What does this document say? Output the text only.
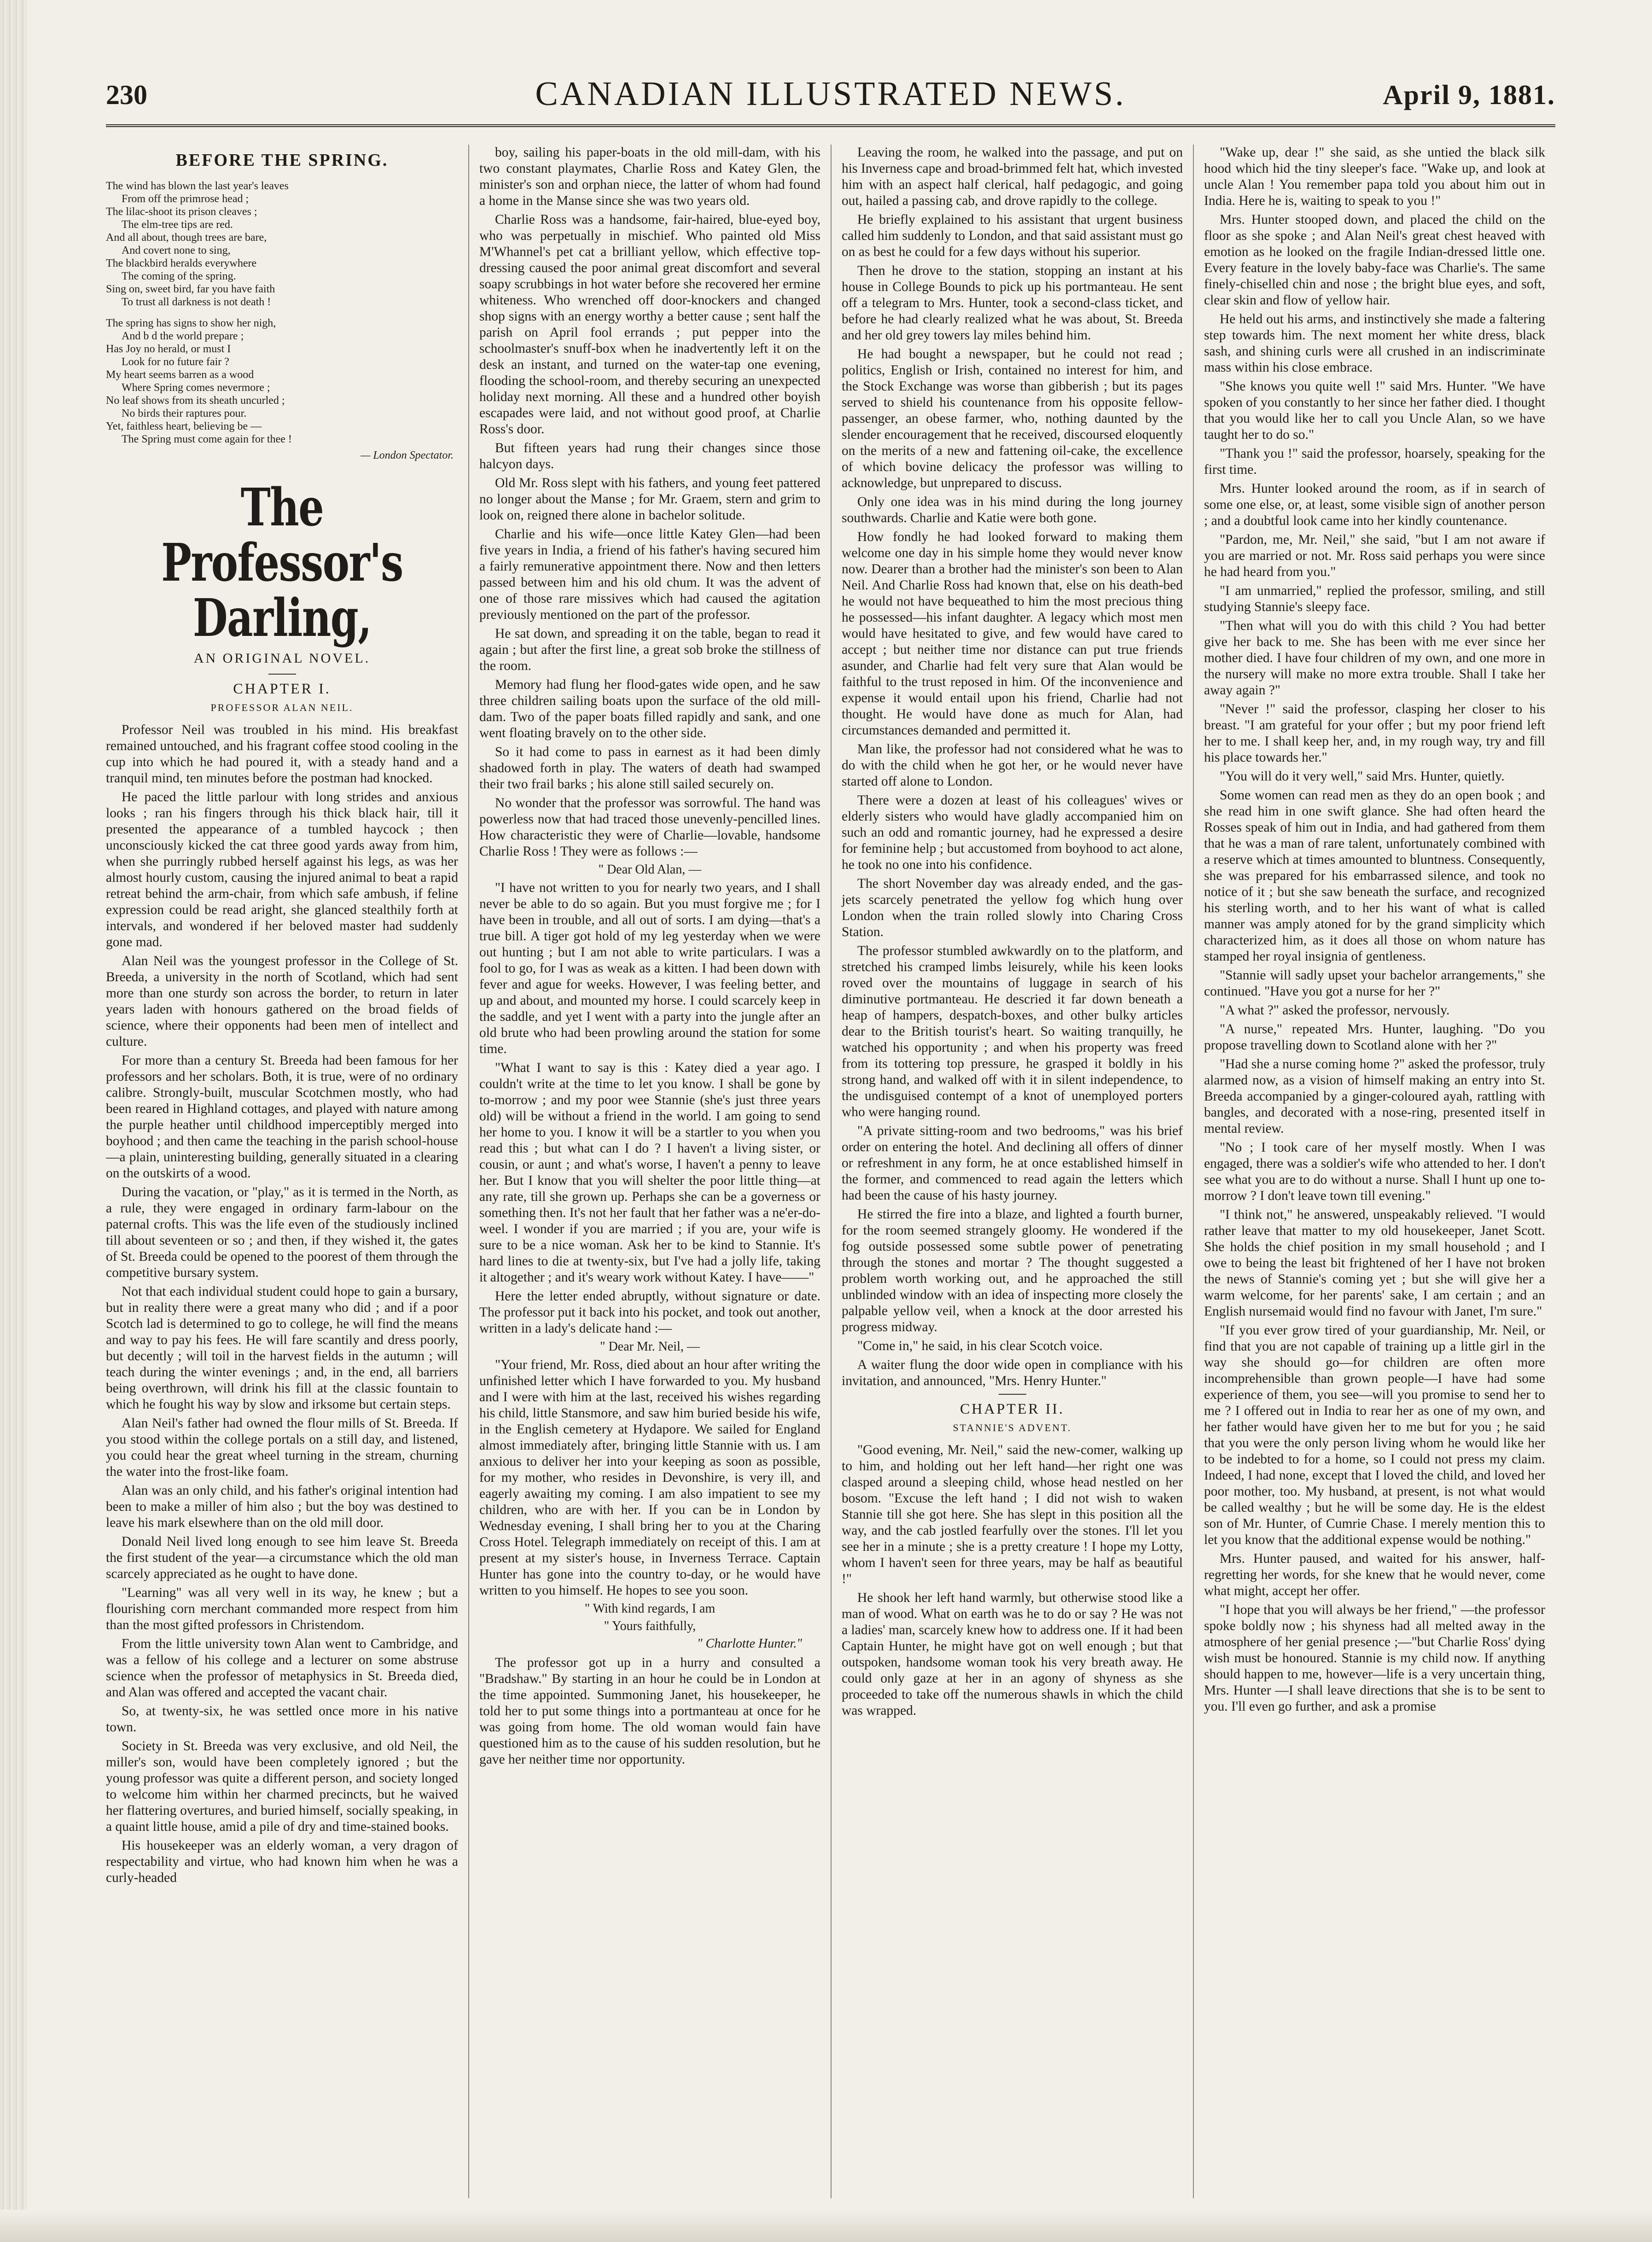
230	CANADIAN ILLUSTRATED NEWS.	April 9, 1881.
BEFORE THE SPRING.

The wind has blown the last year's leaves

From off the primrose head ;

The lilac-shoot its prison cleaves ;

The elm-tree tips are red.

And all about, though trees are bare,

And covert none to sing,

The blackbird heralds everywhere

The coming of the spring.

Sing on, sweet bird, far you have faith

To trust all darkness is not death !

The spring has signs to show her nigh,

And b d the world prepare ;

Has Joy no herald, or must I

Look for no future fair ?

My heart seems barren as a wood

Where Spring comes nevermore ;

No leaf shows from its sheath uncurled ;

No birds their raptures pour.

Yet, faithless heart, believing be —

The Spring must come again for thee !

— London Spectator.
The Professor's Darling,
AN ORIGINAL NOVEL.
CHAPTER I.
PROFESSOR ALAN NEIL.

Professor Neil was troubled in his mind. His breakfast remained untouched, and his fragrant coffee stood cooling in the cup into which he had poured it, with a steady hand and a tranquil mind, ten minutes before the postman had knocked.

He paced the little parlour with long strides and anxious looks ; ran his fingers through his thick black hair, till it presented the appearance of a tumbled haycock ; then unconsciously kicked the cat three good yards away from him, when she purringly rubbed herself against his legs, as was her almost hourly custom, causing the injured animal to beat a rapid retreat behind the arm-chair, from which safe ambush, if feline expression could be read aright, she glanced stealthily forth at intervals, and wondered if her beloved master had suddenly gone mad.

Alan Neil was the youngest professor in the College of St. Breeda, a university in the north of Scotland, which had sent more than one sturdy son across the border, to return in later years laden with honours gathered on the broad fields of science, where their opponents had been men of intellect and culture.

For more than a century St. Breeda had been famous for her professors and her scholars. Both, it is true, were of no ordinary calibre. Strongly-built, muscular Scotchmen mostly, who had been reared in Highland cottages, and played with nature among the purple heather until childhood imperceptibly merged into boyhood ; and then came the teaching in the parish school-house—a plain, uninteresting building, generally situated in a clearing on the outskirts of a wood.

During the vacation, or "play," as it is termed in the North, as a rule, they were engaged in ordinary farm-labour on the paternal crofts. This was the life even of the studiously inclined till about seventeen or so ; and then, if they wished it, the gates of St. Breeda could be opened to the poorest of them through the competitive bursary system.

Not that each individual student could hope to gain a bursary, but in reality there were a great many who did ; and if a poor Scotch lad is determined to go to college, he will find the means and way to pay his fees. He will fare scantily and dress poorly, but decently ; will toil in the harvest fields in the autumn ; will teach during the winter evenings ; and, in the end, all barriers being overthrown, will drink his fill at the classic fountain to which he fought his way by slow and irksome but certain steps.

Alan Neil's father had owned the flour mills of St. Breeda. If you stood within the college portals on a still day, and listened, you could hear the great wheel turning in the stream, churning the water into the frost-like foam.

Alan was an only child, and his father's original intention had been to make a miller of him also ; but the boy was destined to leave his mark elsewhere than on the old mill door.

Donald Neil lived long enough to see him leave St. Breeda the first student of the year—a circumstance which the old man scarcely appreciated as he ought to have done.

"Learning" was all very well in its way, he knew ; but a flourishing corn merchant commanded more respect from him than the most gifted professors in Christendom.

From the little university town Alan went to Cambridge, and was a fellow of his college and a lecturer on some abstruse science when the professor of metaphysics in St. Breeda died, and Alan was offered and accepted the vacant chair.

So, at twenty-six, he was settled once more in his native town.

Society in St. Breeda was very exclusive, and old Neil, the miller's son, would have been completely ignored ; but the young professor was quite a different person, and society longed to welcome him within her charmed precincts, but he waived her flattering overtures, and buried himself, socially speaking, in a quaint little house, amid a pile of dry and time-stained books.

His housekeeper was an elderly woman, a very dragon of respectability and virtue, who had known him when he was a curly-headed

boy, sailing his paper-boats in the old mill-dam, with his two constant playmates, Charlie Ross and Katey Glen, the minister's son and orphan niece, the latter of whom had found a home in the Manse since she was two years old.

Charlie Ross was a handsome, fair-haired, blue-eyed boy, who was perpetually in mischief. Who painted old Miss M'Whannel's pet cat a brilliant yellow, which effective top-dressing caused the poor animal great discomfort and several soapy scrubbings in hot water before she recovered her ermine whiteness. Who wrenched off door-knockers and changed shop signs with an energy worthy a better cause ; sent half the parish on April fool errands ; put pepper into the schoolmaster's snuff-box when he inadvertently left it on the desk an instant, and turned on the water-tap one evening, flooding the school-room, and thereby securing an unexpected holiday next morning. All these and a hundred other boyish escapades were laid, and not without good proof, at Charlie Ross's door.

But fifteen years had rung their changes since those halcyon days.

Old Mr. Ross slept with his fathers, and young feet pattered no longer about the Manse ; for Mr. Graem, stern and grim to look on, reigned there alone in bachelor solitude.

Charlie and his wife—once little Katey Glen—had been five years in India, a friend of his father's having secured him a fairly remunerative appointment there. Now and then letters passed between him and his old chum. It was the advent of one of those rare missives which had caused the agitation previously mentioned on the part of the professor.

He sat down, and spreading it on the table, began to read it again ; but after the first line, a great sob broke the stillness of the room.

Memory had flung her flood-gates wide open, and he saw three children sailing boats upon the surface of the old mill-dam. Two of the paper boats filled rapidly and sank, and one went floating bravely on to the other side.

So it had come to pass in earnest as it had been dimly shadowed forth in play. The waters of death had swamped their two frail barks ; his alone still sailed securely on.

No wonder that the professor was sorrowful. The hand was powerless now that had traced those unevenly-pencilled lines. How characteristic they were of Charlie—lovable, handsome Charlie Ross ! They were as follows :—

" Dear Old Alan, —

"I have not written to you for nearly two years, and I shall never be able to do so again. But you must forgive me ; for I have been in trouble, and all out of sorts. I am dying—that's a true bill. A tiger got hold of my leg yesterday when we were out hunting ; but I am not able to write particulars. I was a fool to go, for I was as weak as a kitten. I had been down with fever and ague for weeks. However, I was feeling better, and up and about, and mounted my horse. I could scarcely keep in the saddle, and yet I went with a party into the jungle after an old brute who had been prowling around the station for some time.

"What I want to say is this : Katey died a year ago. I couldn't write at the time to let you know. I shall be gone by to-morrow ; and my poor wee Stannie (she's just three years old) will be without a friend in the world. I am going to send her home to you. I know it will be a startler to you when you read this ; but what can I do ? I haven't a living sister, or cousin, or aunt ; and what's worse, I haven't a penny to leave her. But I know that you will shelter the poor little thing—at any rate, till she grown up. Perhaps she can be a governess or something then. It's not her fault that her father was a ne'er-do-weel. I wonder if you are married ; if you are, your wife is sure to be a nice woman. Ask her to be kind to Stannie. It's hard lines to die at twenty-six, but I've had a jolly life, taking it altogether ; and it's weary work without Katey. I have——"

Here the letter ended abruptly, without signature or date. The professor put it back into his pocket, and took out another, written in a lady's delicate hand :—

" Dear Mr. Neil, —

"Your friend, Mr. Ross, died about an hour after writing the unfinished letter which I have forwarded to you. My husband and I were with him at the last, received his wishes regarding his child, little Stansmore, and saw him buried beside his wife, in the English cemetery at Hydapore. We sailed for England almost immediately after, bringing little Stannie with us. I am anxious to deliver her into your keeping as soon as possible, for my mother, who resides in Devonshire, is very ill, and eagerly awaiting my coming. I am also impatient to see my children, who are with her. If you can be in London by Wednesday evening, I shall bring her to you at the Charing Cross Hotel. Telegraph immediately on receipt of this. I am at present at my sister's house, in Inverness Terrace. Captain Hunter has gone into the country to-day, or he would have written to you himself. He hopes to see you soon.

" With kind regards, I am
" Yours faithfully,
" Charlotte Hunter."

The professor got up in a hurry and consulted a "Bradshaw." By starting in an hour he could be in London at the time appointed. Summoning Janet, his housekeeper, he told her to put some things into a portmanteau at once for he was going from home. The old woman would fain have questioned him as to the cause of his sudden resolution, but he gave her neither time nor opportunity.

Leaving the room, he walked into the passage, and put on his Inverness cape and broad-brimmed felt hat, which invested him with an aspect half clerical, half pedagogic, and going out, hailed a passing cab, and drove rapidly to the college.

He briefly explained to his assistant that urgent business called him suddenly to London, and that said assistant must go on as best he could for a few days without his superior.

Then he drove to the station, stopping an instant at his house in College Bounds to pick up his portmanteau. He sent off a telegram to Mrs. Hunter, took a second-class ticket, and before he had clearly realized what he was about, St. Breeda and her old grey towers lay miles behind him.

He had bought a newspaper, but he could not read ; politics, English or Irish, contained no interest for him, and the Stock Exchange was worse than gibberish ; but its pages served to shield his countenance from his opposite fellow-passenger, an obese farmer, who, nothing daunted by the slender encouragement that he received, discoursed eloquently on the merits of a new and fattening oil-cake, the excellence of which bovine delicacy the professor was willing to acknowledge, but unprepared to discuss.

Only one idea was in his mind during the long journey southwards. Charlie and Katie were both gone.

How fondly he had looked forward to making them welcome one day in his simple home they would never know now. Dearer than a brother had the minister's son been to Alan Neil. And Charlie Ross had known that, else on his death-bed he would not have bequeathed to him the most precious thing he possessed—his infant daughter. A legacy which most men would have hesitated to give, and few would have cared to accept ; but neither time nor distance can put true friends asunder, and Charlie had felt very sure that Alan would be faithful to the trust reposed in him. Of the inconvenience and expense it would entail upon his friend, Charlie had not thought. He would have done as much for Alan, had circumstances demanded and permitted it.

Man like, the professor had not considered what he was to do with the child when he got her, or he would never have started off alone to London.

There were a dozen at least of his colleagues' wives or elderly sisters who would have gladly accompanied him on such an odd and romantic journey, had he expressed a desire for feminine help ; but accustomed from boyhood to act alone, he took no one into his confidence.

The short November day was already ended, and the gas-jets scarcely penetrated the yellow fog which hung over London when the train rolled slowly into Charing Cross Station.

The professor stumbled awkwardly on to the platform, and stretched his cramped limbs leisurely, while his keen looks roved over the mountains of luggage in search of his diminutive portmanteau. He descried it far down beneath a heap of hampers, despatch-boxes, and other bulky articles dear to the British tourist's heart. So waiting tranquilly, he watched his opportunity ; and when his property was freed from its tottering top pressure, he grasped it boldly in his strong hand, and walked off with it in silent independence, to the undisguised contempt of a knot of unemployed porters who were hanging round.

"A private sitting-room and two bedrooms," was his brief order on entering the hotel. And declining all offers of dinner or refreshment in any form, he at once established himself in the former, and commenced to read again the letters which had been the cause of his hasty journey.

He stirred the fire into a blaze, and lighted a fourth burner, for the room seemed strangely gloomy. He wondered if the fog outside possessed some subtle power of penetrating through the stones and mortar ? The thought suggested a problem worth working out, and he approached the still unblinded window with an idea of inspecting more closely the palpable yellow veil, when a knock at the door arrested his progress midway.

"Come in," he said, in his clear Scotch voice.

A waiter flung the door wide open in compliance with his invitation, and announced, "Mrs. Henry Hunter."

CHAPTER II.
STANNIE'S ADVENT.

"Good evening, Mr. Neil," said the new-comer, walking up to him, and holding out her left hand—her right one was clasped around a sleeping child, whose head nestled on her bosom. "Excuse the left hand ; I did not wish to waken Stannie till she got here. She has slept in this position all the way, and the cab jostled fearfully over the stones. I'll let you see her in a minute ; she is a pretty creature ! I hope my Lotty, whom I haven't seen for three years, may be half as beautiful !"

He shook her left hand warmly, but otherwise stood like a man of wood. What on earth was he to do or say ? He was not a ladies' man, scarcely knew how to address one. If it had been Captain Hunter, he might have got on well enough ; but that outspoken, handsome woman took his very breath away. He could only gaze at her in an agony of shyness as she proceeded to take off the numerous shawls in which the child was wrapped.

"Wake up, dear !" she said, as she untied the black silk hood which hid the tiny sleeper's face. "Wake up, and look at uncle Alan ! You remember papa told you about him out in India. Here he is, waiting to speak to you !"

Mrs. Hunter stooped down, and placed the child on the floor as she spoke ; and Alan Neil's great chest heaved with emotion as he looked on the fragile Indian-dressed little one. Every feature in the lovely baby-face was Charlie's. The same finely-chiselled chin and nose ; the bright blue eyes, and soft, clear skin and flow of yellow hair.

He held out his arms, and instinctively she made a faltering step towards him. The next moment her white dress, black sash, and shining curls were all crushed in an indiscriminate mass within his close embrace.

"She knows you quite well !" said Mrs. Hunter. "We have spoken of you constantly to her since her father died. I thought that you would like her to call you Uncle Alan, so we have taught her to do so."

"Thank you !" said the professor, hoarsely, speaking for the first time.

Mrs. Hunter looked around the room, as if in search of some one else, or, at least, some visible sign of another person ; and a doubtful look came into her kindly countenance.

"Pardon, me, Mr. Neil," she said, "but I am not aware if you are married or not. Mr. Ross said perhaps you were since he had heard from you."

"I am unmarried," replied the professor, smiling, and still studying Stannie's sleepy face.

"Then what will you do with this child ? You had better give her back to me. She has been with me ever since her mother died. I have four children of my own, and one more in the nursery will make no more extra trouble. Shall I take her away again ?"

"Never !" said the professor, clasping her closer to his breast. "I am grateful for your offer ; but my poor friend left her to me. I shall keep her, and, in my rough way, try and fill his place towards her."

"You will do it very well," said Mrs. Hunter, quietly.

Some women can read men as they do an open book ; and she read him in one swift glance. She had often heard the Rosses speak of him out in India, and had gathered from them that he was a man of rare talent, unfortunately combined with a reserve which at times amounted to bluntness. Consequently, she was prepared for his embarrassed silence, and took no notice of it ; but she saw beneath the surface, and recognized his sterling worth, and to her his want of what is called manner was amply atoned for by the grand simplicity which characterized him, as it does all those on whom nature has stamped her royal insignia of gentleness.

"Stannie will sadly upset your bachelor arrangements," she continued. "Have you got a nurse for her ?"

"A what ?" asked the professor, nervously.

"A nurse," repeated Mrs. Hunter, laughing. "Do you propose travelling down to Scotland alone with her ?"

"Had she a nurse coming home ?" asked the professor, truly alarmed now, as a vision of himself making an entry into St. Breeda accompanied by a ginger-coloured ayah, rattling with bangles, and decorated with a nose-ring, presented itself in mental review.

"No ; I took care of her myself mostly. When I was engaged, there was a soldier's wife who attended to her. I don't see what you are to do without a nurse. Shall I hunt up one to-morrow ? I don't leave town till evening."

"I think not," he answered, unspeakably relieved. "I would rather leave that matter to my old housekeeper, Janet Scott. She holds the chief position in my small household ; and I owe to being the least bit frightened of her I have not broken the news of Stannie's coming yet ; but she will give her a warm welcome, for her parents' sake, I am certain ; and an English nursemaid would find no favour with Janet, I'm sure."

"If you ever grow tired of your guardianship, Mr. Neil, or find that you are not capable of training up a little girl in the way she should go—for children are often more incomprehensible than grown people—I have had some experience of them, you see—will you promise to send her to me ? I offered out in India to rear her as one of my own, and her father would have given her to me but for you ; he said that you were the only person living whom he would like her to be indebted to for a home, so I could not press my claim. Indeed, I had none, except that I loved the child, and loved her poor mother, too. My husband, at present, is not what would be called wealthy ; but he will be some day. He is the eldest son of Mr. Hunter, of Cumrie Chase. I merely mention this to let you know that the additional expense would be nothing."

Mrs. Hunter paused, and waited for his answer, half-regretting her words, for she knew that he would never, come what might, accept her offer.

"I hope that you will always be her friend," —the professor spoke boldly now ; his shyness had all melted away in the atmosphere of her genial presence ;—"but Charlie Ross' dying wish must be honoured. Stannie is my child now. If anything should happen to me, however—life is a very uncertain thing, Mrs. Hunter —I shall leave directions that she is to be sent to you. I'll even go further, and ask a promise
